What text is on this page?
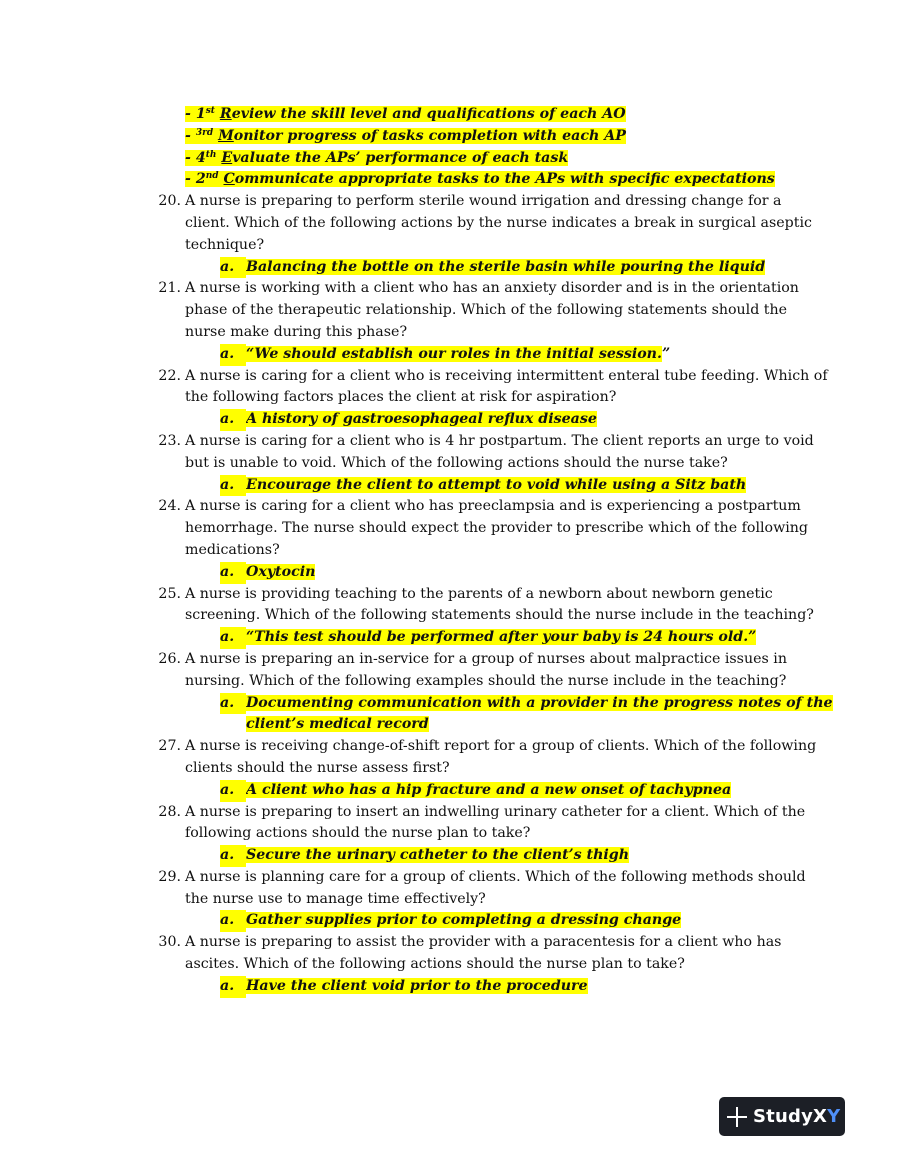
- 1st Review the skill level and qualifications of each AO
- $^{3rd}$ Monitor progress of tasks completion with each AP
- 4th Evaluate the APs’ performance of each task
- 2nd Communicate appropriate tasks to the APs with specific expectations
20. A nurse is preparing to perform sterile wound irrigation and dressing change for a
client. Which of the following actions by the nurse indicates a break in surgical aseptic
technique?
a. Balancing the bottle on the sterile basin while pouring the liquid
21. A nurse is working with a client who has an anxiety disorder and is in the orientation
phase of the therapeutic relationship. Which of the following statements should the
nurse make during this phase?
a. “We should establish our roles in the initial session.”
22. A nurse is caring for a client who is receiving intermittent enteral tube feeding. Which of
the following factors places the client at risk for aspiration?
a. A history of gastroesophageal reflux disease
23. A nurse is caring for a client who is 4 hr postpartum. The client reports an urge to void
but is unable to void. Which of the following actions should the nurse take?
a. Encourage the client to attempt to void while using a Sitz bath
24. A nurse is caring for a client who has preeclampsia and is experiencing a postpartum
hemorrhage. The nurse should expect the provider to prescribe which of the following
medications?
a. Oxytocin
25. A nurse is providing teaching to the parents of a newborn about newborn genetic
screening. Which of the following statements should the nurse include in the teaching?
a. “This test should be performed after your baby is 24 hours old.”
26. A nurse is preparing an in-service for a group of nurses about malpractice issues in
nursing. Which of the following examples should the nurse include in the teaching?
a. Documenting communication with a provider in the progress notes of the
client’s medical record
27. A nurse is receiving change-of-shift report for a group of clients. Which of the following
clients should the nurse assess first?
a. A client who has a hip fracture and a new onset of tachypnea
28. A nurse is preparing to insert an indwelling urinary catheter for a client. Which of the
following actions should the nurse plan to take?
a. Secure the urinary catheter to the client’s thigh
29. A nurse is planning care for a group of clients. Which of the following methods should
the nurse use to manage time effectively?
a. Gather supplies prior to completing a dressing change
30. A nurse is preparing to assist the provider with a paracentesis for a client who has
ascites. Which of the following actions should the nurse plan to take?
a. Have the client void prior to the procedure
StudyXY
